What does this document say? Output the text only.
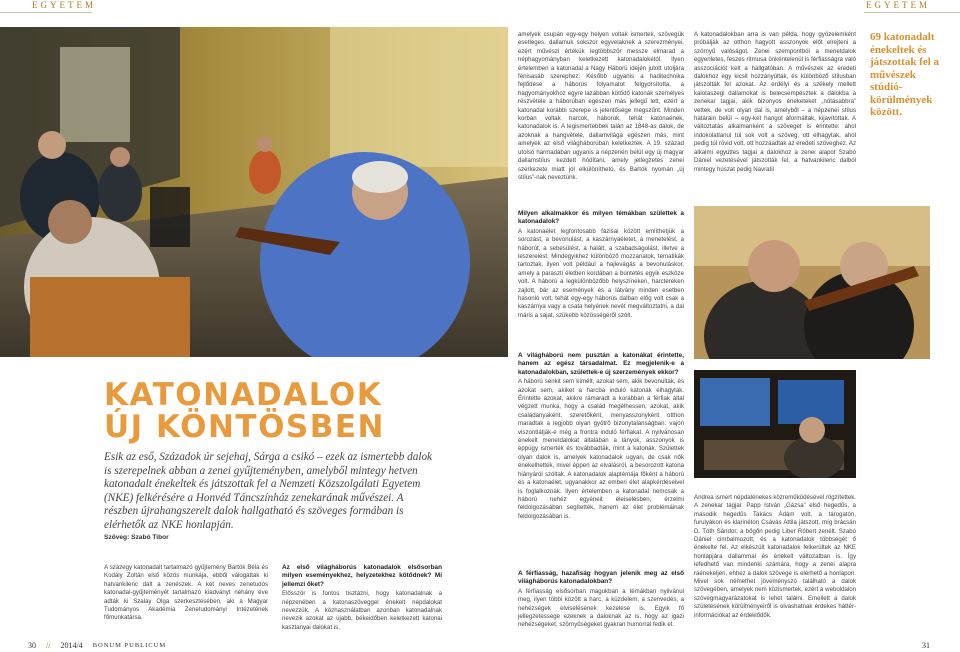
EGYETEM	EGYETEM
KATONADALOK
ÚJ KÖNTÖSBEN
Esik az eső, Századok úr sejehaj, Sárga a csikó – ezek az ismertebb dalok is szerepelnek abban a zenei gyűjteményben, amelyből mintegy hetven katonadalt énekeltek és játszottak fel a Nemzeti Közszolgálati Egyetem (NKE) felkérésére a Honvéd Táncszínház zenekarának művészei. A részben újrahangszerelt dalok hallgatható és szöveges formában is elérhetők az NKE honlapján.
Szöveg: Szabó Tibor
A százegy katonadalt tartalmazó gyűjtemény Bartók Béla és Kodály Zoltán első közös munkája, ebből válogattak ki hatvankilenc dalt a zenészek. A két neves zenetudós katonadal-gyűjteményét tartalmazó kiadványt néhány éve adták ki Szalay Olga szerkesztésében, aki a Magyar Tudományos Akadémia Zenetudományi Intézetének főmunkatársa.
Az első világháborús katonadalok elsősorban milyen eseményekhez, helyzetekhez kötődnek? Mi jellemzi őket?

Elősször is fontos tisztázni, hogy katonadalnak a népzenében a katonaszöveggel énekelt népdalokat nevezzük. A közhasználatban azonban katonadalnak nevezik azokat az újabb, békeidőben keletkezett katonai kasztanyai dalokat is,

amelyek csupán egy-egy helyen voltak ismertek, szövegük esetleges, dallamuk sokszor egyvelaknek a szerezményei, ezért művészi értékük legtöbbször messze elmarad a néphagyományban keletkezett katonadalokétól. Ilyen értelemben a katonadal a Nagy Háború idején jutott utoljára fénisasáb szerephez. Később ugyanis a haditechnika fejlődése a háborús folyamatot felgyorsította, a hagyományokhoz egyre lazábban kötődő katonák személyes részvétele a háborúban egészen más jellegű lett, ezért a katonadal korábbi szerepe is jelentősége megszűnt. Minden korban voltak harcok, háborúk, tehát katonaének, katonadalok is. A legismertebbek talán az 1848-as dalok, de azoknak a hangvétele, dallamvilága egészen más, mint amelyek az első világháborúban keletkeztek. A 19. század utolsó harmadában ugyanis a népzenén belül egy új magyar dallamstílus kezdett hódítani, amely jellegzetes zenei szerkezete miatt jól elkülönítheto, és Bartók nyomán „új stílus”-nak neveztünk.
Milyen alkalmakkor és milyen témákban születtek a katonadalok?

A katonaélet legfontosabb fázisai között említhetjük a sorozást, a bevonulást, a kaszárnyaéletet, a menetelést, a háborút, a sebesülést, a halált, a szabadságolást, illetve a leszerelést. Mindegyikhez különböző mozzanatok, tematikák tartoztak, ilyen volt például a hajlevágás a bevonuláskor, amely a paraszti életben kordában a búntetés egyik eszköze volt. A háború a legkülönbözőbb helyszíneken, harctereken zajlott, bár az események és a látvány minden esetben hasonló volt, tehát egy-egy háborús dalban előg volt csak a kaszárnya vagy a csata helyének nevét megváltoztatni, a dal máris a sajat, szükebb közösségéről szólt.

A világháború nem pusztán a katonákat érintette, hanem az egész társadalmat. Ez megjelenik-e a katonadalokban, születtek-e új szerzemények ekkor?

A háború senkit sem kímélt, azokat sem, akik bevonultak, és azokat sem, akiket a harcba induló katonák elhagytak. Érintette azokat, akikre rámaradt a korábban a férfiak által végzett munka, hogy a család megélhessen, azokat, akik családanyaként, szeretőként, menyasszonyként otthon maradtak a legjobb olyan gyötrő bizonytalanságban: vajon viszontlátják-e még a frontra induló férfiakat. A nyilvánosan énekelt menetdalokat általában a lányok, asszonyok is éppúgy ismerték és továbbadták, mint a katonák. Születtek olyan dalok is, amelyek katonadalok ugyan, de csak nők énekelhették, mivel éppen az elválásról, a besorozott katona hiányáról szóltak. A katonadalok alaptémája főként a háború és a katonaélet, ugyanakkor az emberi élet alapkérdéseivel is foglalkoznak. Ilyen értelemben a katonadal nemcsak a háború nehéz egyéneit éleiselésben, érzelmi feldolgozásában segítették, hanem az élet problémáinak feldolgozásában is.

A férfiasság, hazafiság hogyan jelenik meg az első világháborús katonadalokban?

A férfiasság elsősorban magukban a témákban nyilvánul meg, ilyen többi között a harc, a küzdelem, a szenvedés, a nehézségek elviselésének kezelése is. Egyik fő jellegzetessége ezeknek a daloknak az is, hogy az igazi nehézségeket, szörnyűségeket gyakran humorral fedik el.

A katonadalokban arra is van példa, hogy gyözelemként próbálják az otthon hagyott asszonyok előt elrejteni a szörnyű valóságot. Zenei szempontból a menetdalok egyenletes, feszes ritmusa önkéntelenül is férfiasságra való asszociációt kelt a hallgatóban. A művészek az eredeti dalokhoz egy kicsit hozzányúltak, és különböző stílusban játszották fel azokat. Az erdélyi és a székely mellett kalotaszegi dallamokat is belecsempésztek a dalokba a zenekar tagjai, akik bizonyos éneketeket „nótásabbra” vettek, de volt olyan dal is, amelyből – a népzenei stílus határain belül – egy-két hangot áformáltak, kijavítottak. A változtatás alkalmanként a szöveget is érintette: ahol indokolatlanul túl sok volt a szöveg, ott elhagytak, ahol pedig túl rövid volt, ott hozzáadtak az eredeti szöveghez. Az alkalmi együttes tagjai a dalokhoz a zenei alapot Szabó Dániel vezetésével játszották fel, a hatvankilenc dalból mintegy húszat pedig Navratil
Andrea ismert népdalénekes közreműködésével rögzítettek. A zenekar tagjai: Papp István „Gázsa” első hegedűs, a második hegedűs Takács Ádám volt, a tárogatón, furulyákon és klarinéton Csávás Attila játszott, míg brácsán D. Tóth Sándor, a bőgőn pedig Liber Róbert zenélt. Szabó Dániel cimbalmozott, és a katonadalok többségét ő énekelte fel. Az elkészült katonadalok felkerültek az NKE honlapjára dallammal és énekelt változatban is. Így lefedhető van mindenki számára, hogy a zenei alapra ráénekeljen, ehhez a dalok szövege is elérhető a honlapon. Mivel sok némethet jöveményszó található a dalok szövegében, amelyek nem közismertek, ezért a weboldalon szövegmagyarázatokat is lehet találni. Emellett a dalok születésének körülményeiről is olvashatnak érdekes háttér-információkat az érdeklődők.
69 katonadalt énekeltek és játszottak fel a művészek stúdió-körülmények között.
30 // 2014/4 BONUM PUBLICUM	31
